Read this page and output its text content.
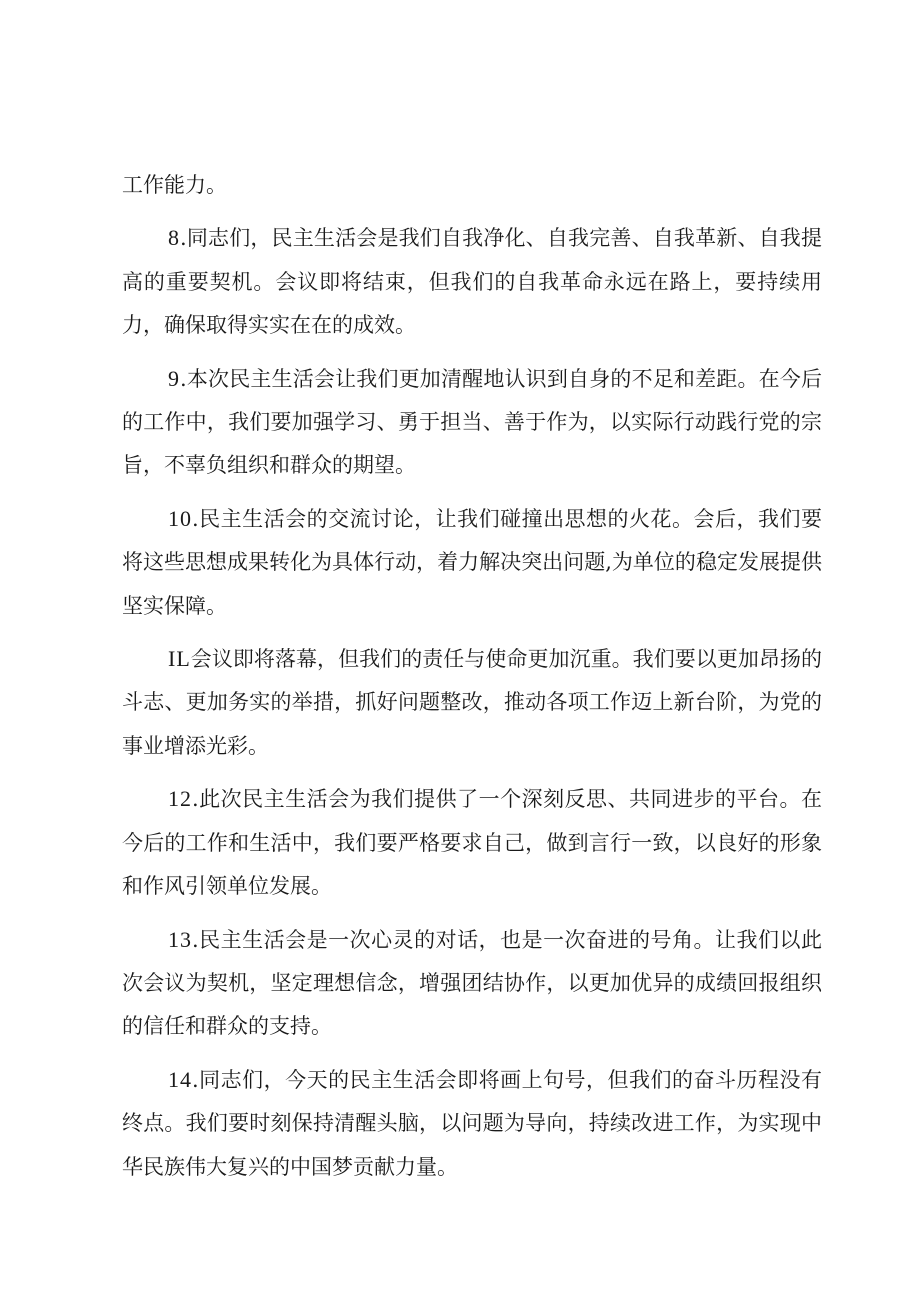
工作能力。

8.同志们，民主生活会是我们自我净化、自我完善、自我革新、自我提高的重要契机。会议即将结束，但我们的自我革命永远在路上，要持续用力，确保取得实实在在的成效。

9.本次民主生活会让我们更加清醒地认识到自身的不足和差距。在今后的工作中，我们要加强学习、勇于担当、善于作为，以实际行动践行党的宗旨，不辜负组织和群众的期望。

10.民主生活会的交流讨论，让我们碰撞出思想的火花。会后，我们要将这些思想成果转化为具体行动，着力解决突出问题,为单位的稳定发展提供坚实保障。

IL会议即将落幕，但我们的责任与使命更加沉重。我们要以更加昂扬的斗志、更加务实的举措，抓好问题整改，推动各项工作迈上新台阶，为党的事业增添光彩。

12.此次民主生活会为我们提供了一个深刻反思、共同进步的平台。在今后的工作和生活中，我们要严格要求自己，做到言行一致，以良好的形象和作风引领单位发展。

13.民主生活会是一次心灵的对话，也是一次奋进的号角。让我们以此次会议为契机，坚定理想信念，增强团结协作，以更加优异的成绩回报组织的信任和群众的支持。

14.同志们，今天的民主生活会即将画上句号，但我们的奋斗历程没有终点。我们要时刻保持清醒头脑，以问题为导向，持续改进工作，为实现中华民族伟大复兴的中国梦贡献力量。
